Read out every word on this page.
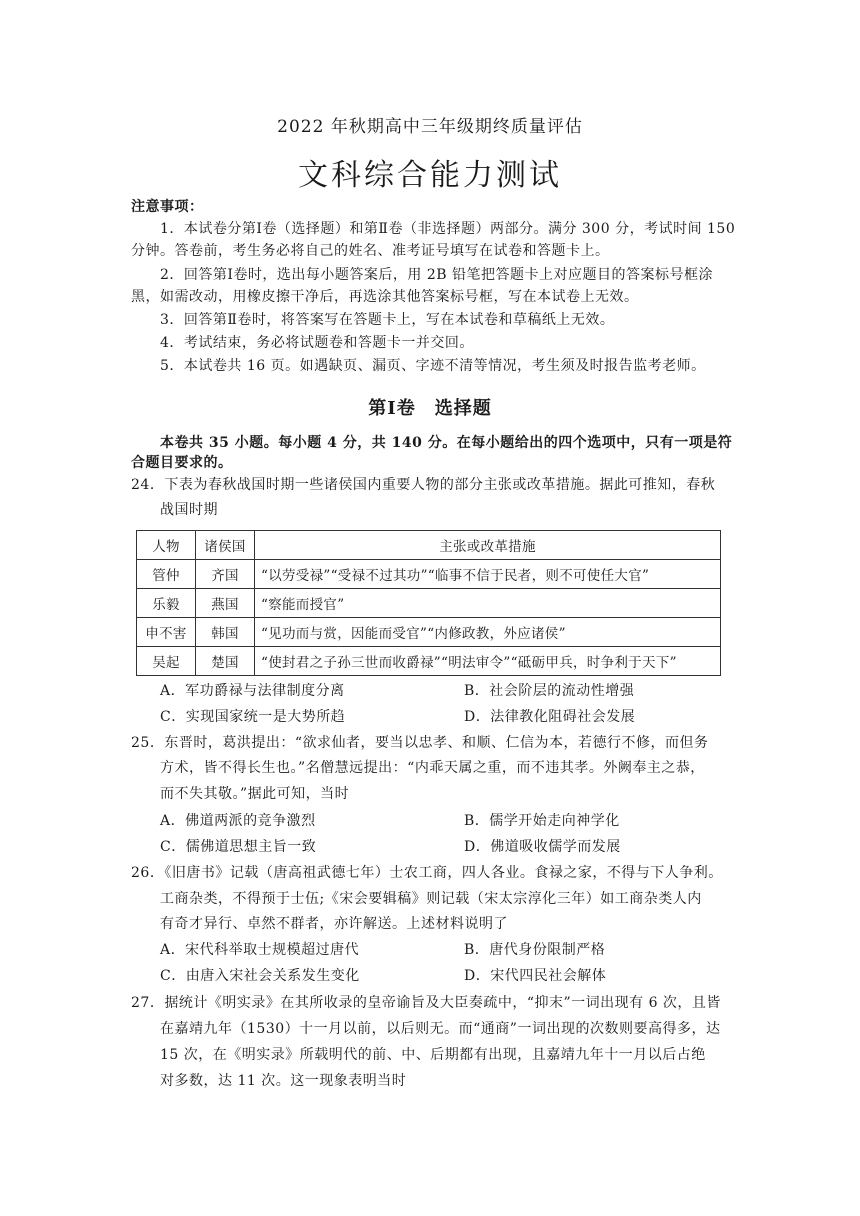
2022 年秋期高中三年级期终质量评估
文科综合能力测试
注意事项：
1．本试卷分第Ⅰ卷（选择题）和第Ⅱ卷（非选择题）两部分。满分 300 分，考试时间 150
分钟。答卷前，考生务必将自己的姓名、准考证号填写在试卷和答题卡上。
2．回答第Ⅰ卷时，选出每小题答案后，用 2B 铅笔把答题卡上对应题目的答案标号框涂
黑，如需改动，用橡皮擦干净后，再选涂其他答案标号框，写在本试卷上无效。
3．回答第Ⅱ卷时，将答案写在答题卡上，写在本试卷和草稿纸上无效。
4．考试结束，务必将试题卷和答题卡一并交回。
5．本试卷共 16 页。如遇缺页、漏页、字迹不清等情况，考生须及时报告监考老师。
第Ⅰ卷　选择题
本卷共 35 小题。每小题 4 分，共 140 分。在每小题给出的四个选项中，只有一项是符
合题目要求的。
24．下表为春秋战国时期一些诸侯国内重要人物的部分主张或改革措施。据此可推知，春秋
战国时期
人物	诸侯国	主张或改革措施
管仲	齐国	“以劳受禄”“受禄不过其功”“临事不信于民者，则不可使任大官”
乐毅	燕国	“察能而授官”
申不害	韩国	“见功而与赏，因能而受官”“内修政教，外应诸侯”
吴起	楚国	“使封君之子孙三世而收爵禄”“明法审令”“砥砺甲兵，时争利于天下”
A．军功爵禄与法律制度分离	B．社会阶层的流动性增强
C．实现国家统一是大势所趋	D．法律教化阻碍社会发展
25．东晋时，葛洪提出：“欲求仙者，要当以忠孝、和顺、仁信为本，若德行不修，而但务
方术，皆不得长生也。”名僧慧远提出：“内乖天属之重，而不违其孝。外阙奉主之恭，
而不失其敬。”据此可知，当时
A．佛道两派的竞争激烈	B．儒学开始走向神学化
C．儒佛道思想主旨一致	D．佛道吸收儒学而发展
26．《旧唐书》记载（唐高祖武德七年）士农工商，四人各业。食禄之家，不得与下人争利。
工商杂类，不得预于士伍;《宋会要辑稿》则记载（宋太宗淳化三年）如工商杂类人内
有奇才异行、卓然不群者，亦许解送。上述材料说明了
A．宋代科举取士规模超过唐代	B．唐代身份限制严格
C．由唐入宋社会关系发生变化	D．宋代四民社会解体
27．据统计《明实录》在其所收录的皇帝谕旨及大臣奏疏中，“抑末”一词出现有 6 次，且皆
在嘉靖九年（1530）十一月以前，以后则无。而“通商”一词出现的次数则要高得多，达
15 次，在《明实录》所载明代的前、中、后期都有出现，且嘉靖九年十一月以后占绝
对多数，达 11 次。这一现象表明当时
